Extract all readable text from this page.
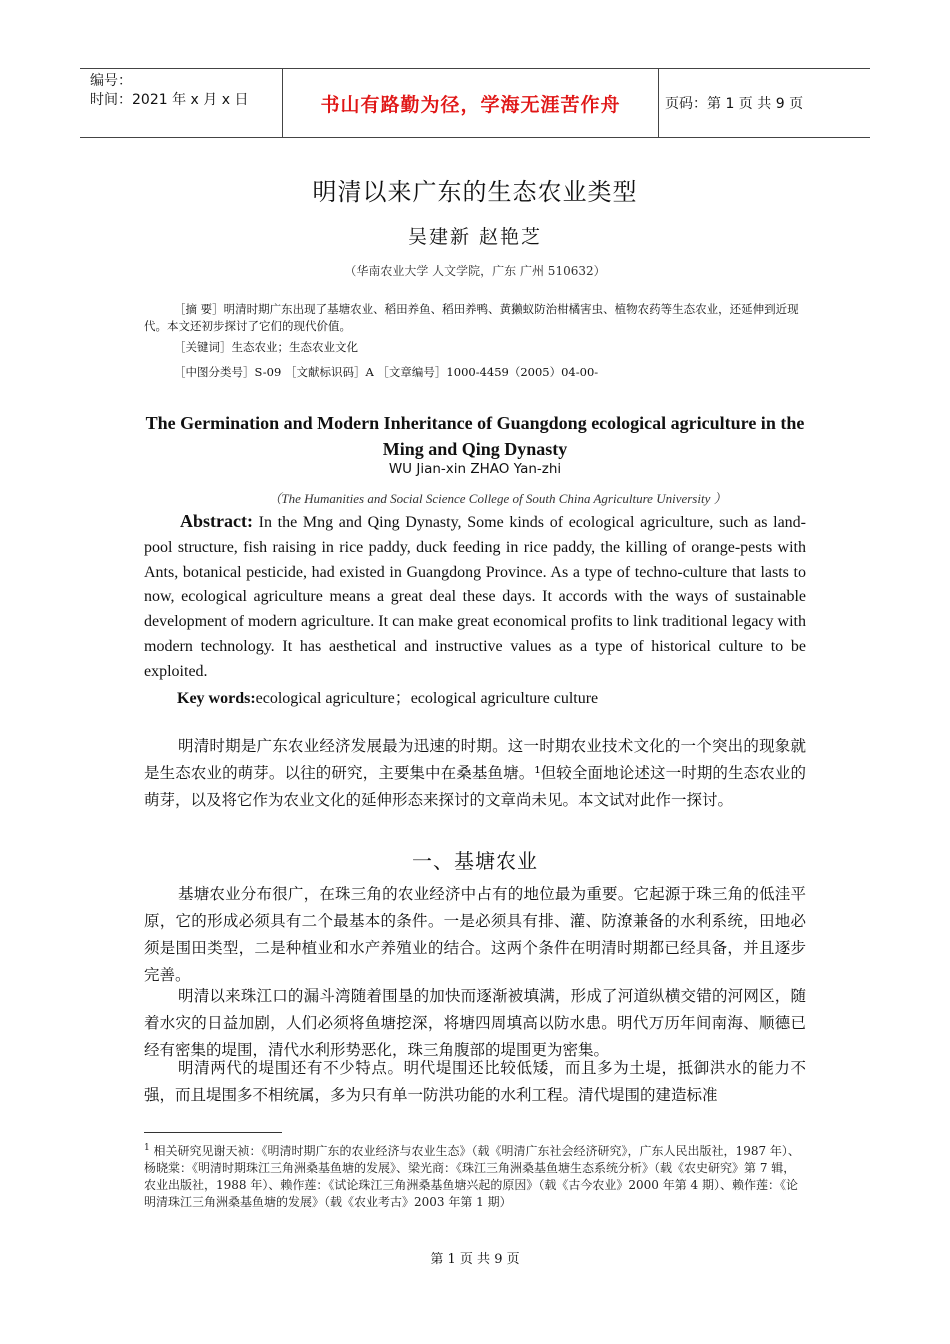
编号：
时间：2021 年 x 月 x 日	书山有路勤为径，学海无涯苦作舟	页码：第 1 页 共 9 页
明清以来广东的生态农业类型
吴建新 赵艳芝
（华南农业大学 人文学院，广东 广州 510632）
［摘 要］明清时期广东出现了基塘农业、稻田养鱼、稻田养鸭、黄獭蚁防治柑橘害虫、植物农药等生态农业，还延伸到近现代。本文还初步探讨了它们的现代价值。
［关键词］生态农业；生态农业文化
［中图分类号］S-09 ［文献标识码］A ［文章编号］1000-4459（2005）04-00-
The Germination and Modern Inheritance of Guangdong ecological agriculture in the Ming and Qing Dynasty
WU Jian-xin ZHAO Yan-zhi
（The Humanities and Social Science College of South China Agriculture University ）
Abstract: In the Mng and Qing Dynasty, Some kinds of ecological agriculture, such as land-pool structure, fish raising in rice paddy, duck feeding in rice paddy, the killing of orange-pests with Ants, botanical pesticide, had existed in Guangdong Province. As a type of techno-culture that lasts to now, ecological agriculture means a great deal these days. It accords with the ways of sustainable development of modern agriculture. It can make great economical profits to link traditional legacy with modern technology. It has aesthetical and instructive values as a type of historical culture to be exploited.
Key words:ecological agriculture；ecological agriculture culture
明清时期是广东农业经济发展最为迅速的时期。这一时期农业技术文化的一个突出的现象就是生态农业的萌芽。以往的研究，主要集中在桑基鱼塘。¹但较全面地论述这一时期的生态农业的萌芽，以及将它作为农业文化的延伸形态来探讨的文章尚未见。本文试对此作一探讨。
一、基塘农业
基塘农业分布很广，在珠三角的农业经济中占有的地位最为重要。它起源于珠三角的低洼平原，它的形成必须具有二个最基本的条件。一是必须具有排、灌、防潦兼备的水利系统，田地必须是围田类型，二是种植业和水产养殖业的结合。这两个条件在明清时期都已经具备，并且逐步完善。
明清以来珠江口的漏斗湾随着围垦的加快而逐渐被填满，形成了河道纵横交错的河网区，随着水灾的日益加剧，人们必须将鱼塘挖深，将塘四周填高以防水患。明代万历年间南海、顺德已经有密集的堤围，清代水利形势恶化，珠三角腹部的堤围更为密集。
明清两代的堤围还有不少特点。明代堤围还比较低矮，而且多为土堤，抵御洪水的能力不强，而且堤围多不相统属，多为只有单一防洪功能的水利工程。清代堤围的建造标准
$^1$ 相关研究见谢天祯：《明清时期广东的农业经济与农业生态》（载《明清广东社会经济研究》，广东人民出版社，1987 年）、杨晓棠：《明清时期珠江三角洲桑基鱼塘的发展》、梁光商：《珠江三角洲桑基鱼塘生态系统分析》（载《农史研究》第 7 辑，农业出版社，1988 年）、赖作莲：《试论珠江三角洲桑基鱼塘兴起的原因》（载《古今农业》2000 年第 4 期）、赖作莲：《论明清珠江三角洲桑基鱼塘的发展》（载《农业考古》2003 年第 1 期）
第 1 页 共 9 页
